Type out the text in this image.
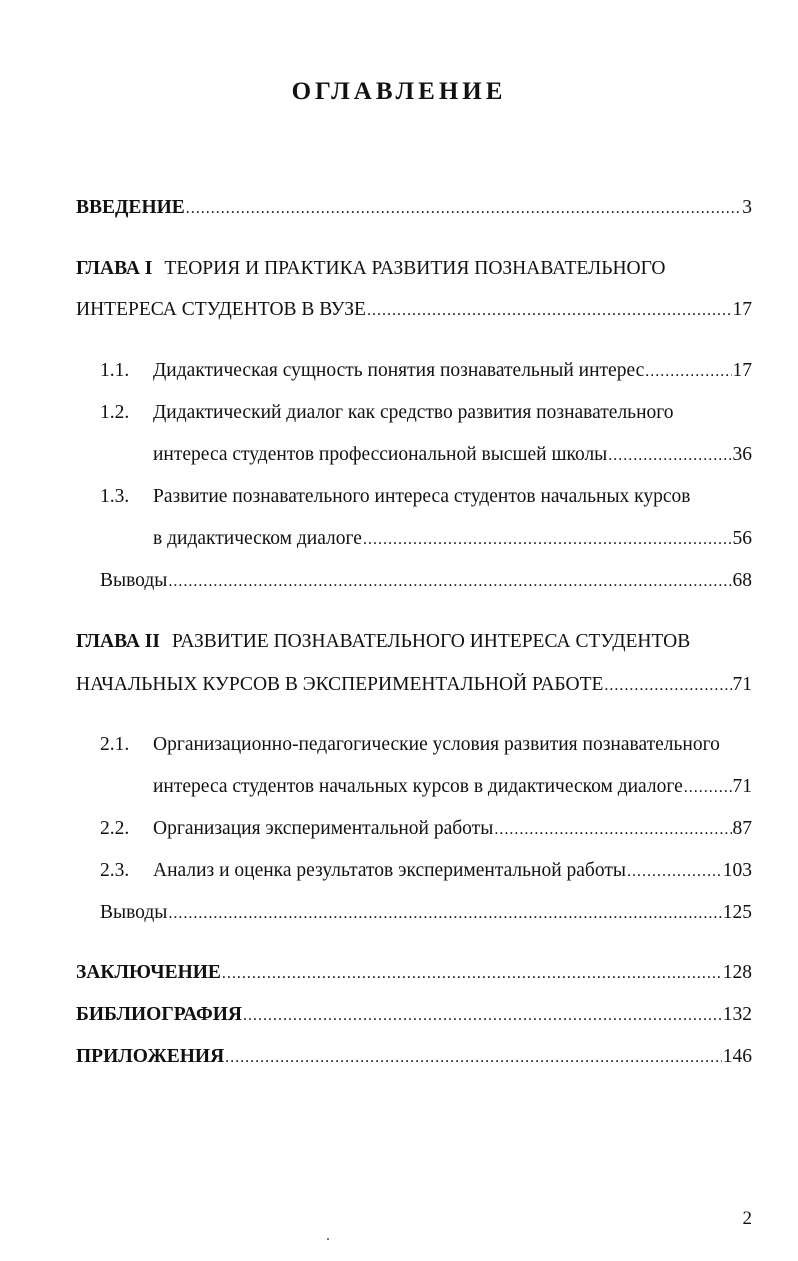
ОГЛАВЛЕНИЕ
ВВЕДЕНИЕ .....	3
ГЛАВА I ТЕОРИЯ И ПРАКТИКА РАЗВИТИЯ ПОЗНАВАТЕЛЬНОГО
ИНТЕРЕСА СТУДЕНТОВ В ВУЗЕ .....	17
1.1.	Дидактическая сущность понятия познавательный интерес .....	17
1.2.	Дидактический диалог как средство развития познавательного
интереса студентов профессиональной высшей школы .....	36
1.3.	Развитие познавательного интереса студентов начальных курсов
в дидактическом диалоге .....	56
Выводы .....	68
ГЛАВА II РАЗВИТИЕ ПОЗНАВАТЕЛЬНОГО ИНТЕРЕСА СТУДЕНТОВ
НАЧАЛЬНЫХ КУРСОВ В ЭКСПЕРИМЕНТАЛЬНОЙ РАБОТЕ .....	71
2.1.	Организационно-педагогические условия развития познавательного
интереса студентов начальных курсов в дидактическом диалоге .....	71
2.2.	Организация экспериментальной работы .....	87
2.3.	Анализ и оценка результатов экспериментальной работы .....	103
Выводы .....	125
ЗАКЛЮЧЕНИЕ .....	128
БИБЛИОГРАФИЯ .....	132
ПРИЛОЖЕНИЯ .....	146
2
